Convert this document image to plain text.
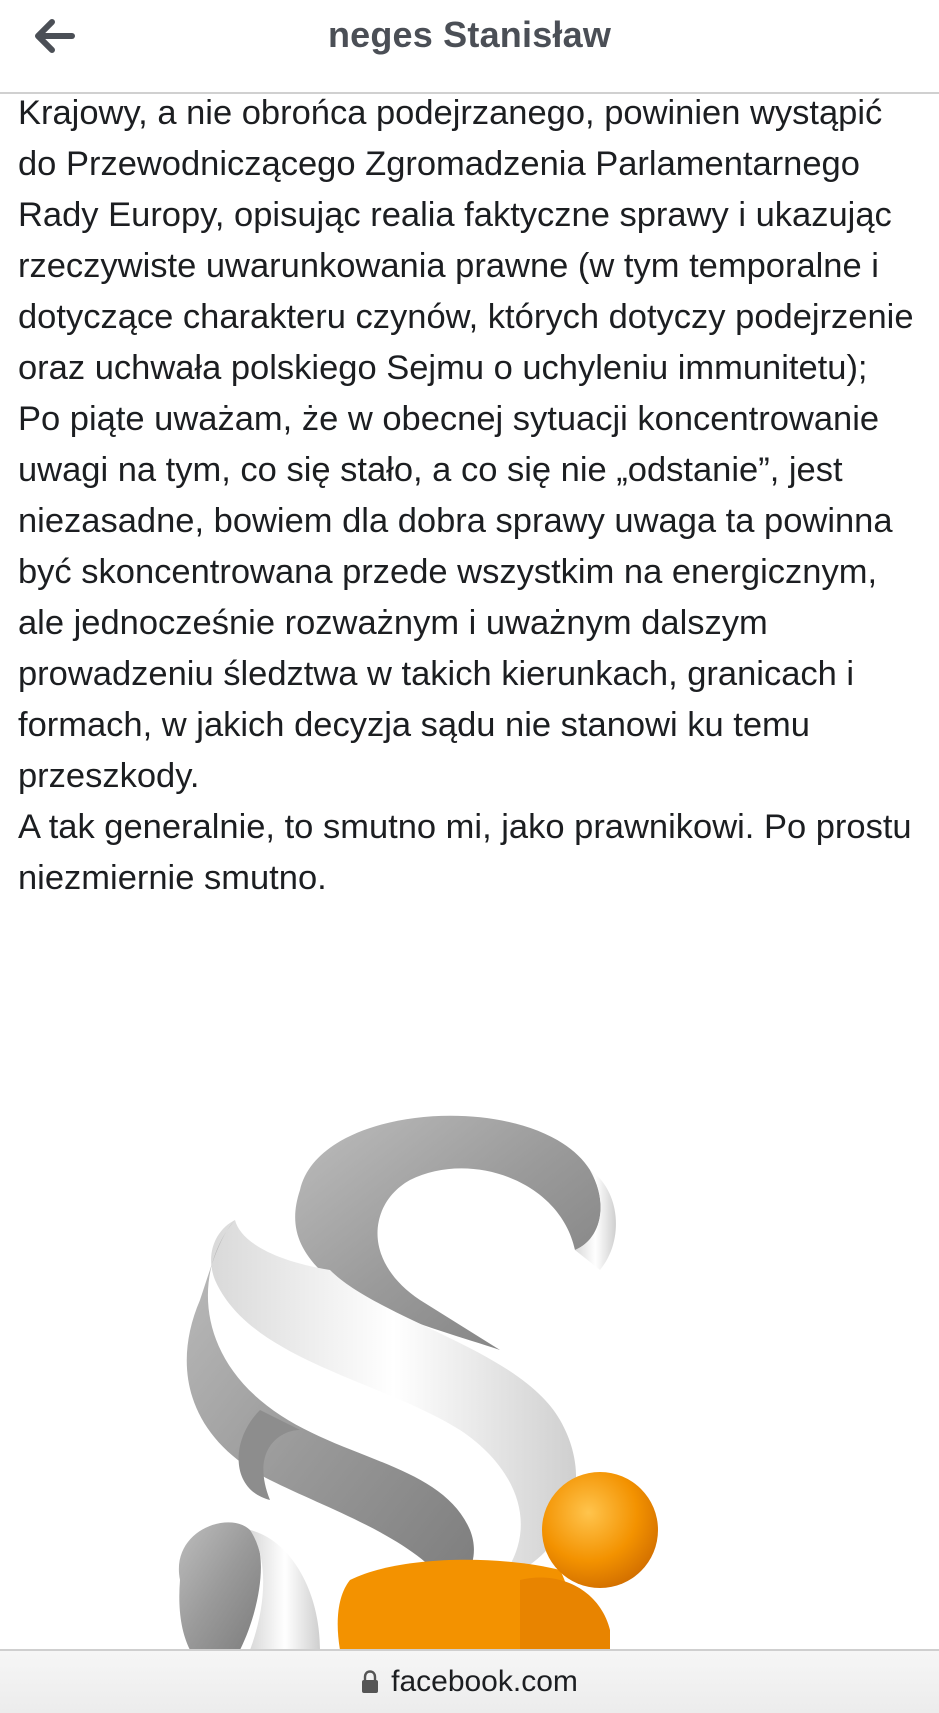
neges Stanisław

Krajowy, a nie obrońca podejrzanego, powinien wystąpić do Przewodniczącego Zgromadzenia Parlamentarnego Rady Europy, opisując realia faktyczne sprawy i ukazując rzeczywiste uwarunkowania prawne (w tym temporalne i dotyczące charakteru czynów, których dotyczy podejrzenie oraz uchwała polskiego Sejmu o uchyleniu immunitetu);

Po piąte uważam, że w obecnej sytuacji koncentrowanie uwagi na tym, co się stało, a co się nie „odstanie”, jest niezasadne, bowiem dla dobra sprawy uwaga ta powinna być skoncentrowana przede wszystkim na energicznym, ale jednocześnie rozważnym i uważnym dalszym prowadzeniu śledztwa w takich kierunkach, granicach i formach, w jakich decyzja sądu nie stanowi ku temu przeszkody.

A tak generalnie, to smutno mi, jako prawnikowi. Po prostu niezmiernie smutno.

facebook.com
